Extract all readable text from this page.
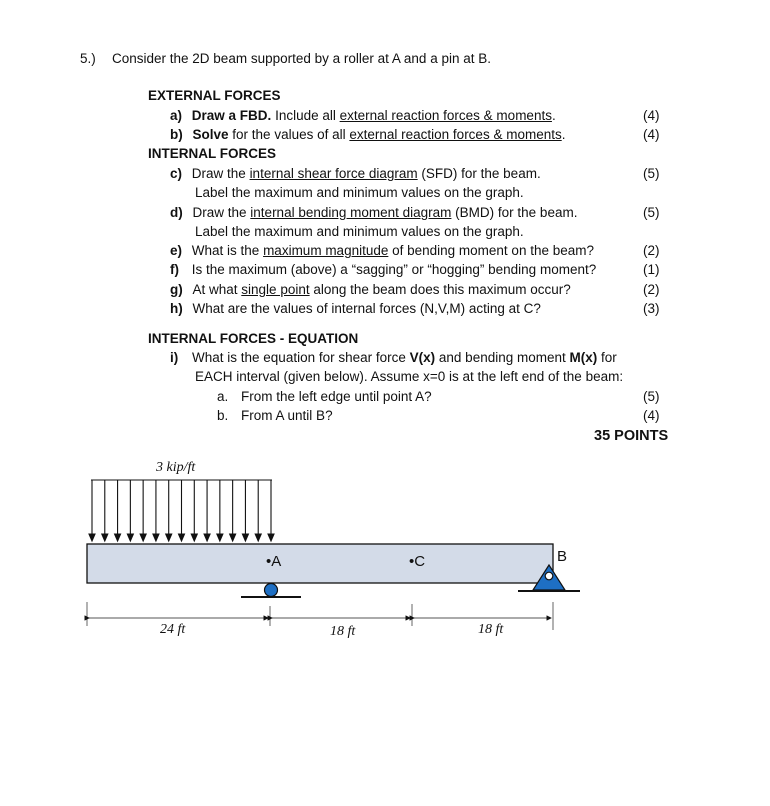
5.) Consider the 2D beam supported by a roller at A and a pin at B.
EXTERNAL FORCES
a) Draw a FBD. Include all external reaction forces & moments.	(4)
b) Solve for the values of all external reaction forces & moments.	(4)
INTERNAL FORCES
c) Draw the internal shear force diagram (SFD) for the beam.	(5)
Label the maximum and minimum values on the graph.
d) Draw the internal bending moment diagram (BMD) for the beam.	(5)
Label the maximum and minimum values on the graph.
e) What is the maximum magnitude of bending moment on the beam?	(2)
f) Is the maximum (above) a “sagging” or “hogging” bending moment?	(1)
g) At what single point along the beam does this maximum occur?	(2)
h) What are the values of internal forces (N,V,M) acting at C?	(3)
INTERNAL FORCES - EQUATION
i) What is the equation for shear force V(x) and bending moment M(x) for
EACH interval (given below). Assume x=0 is at the left end of the beam:
a. From the left edge until point A?	(5)
b. From A until B?	(4)
35 POINTS
3 kip/ft
•A	•C	B
24 ft	18 ft	18 ft
